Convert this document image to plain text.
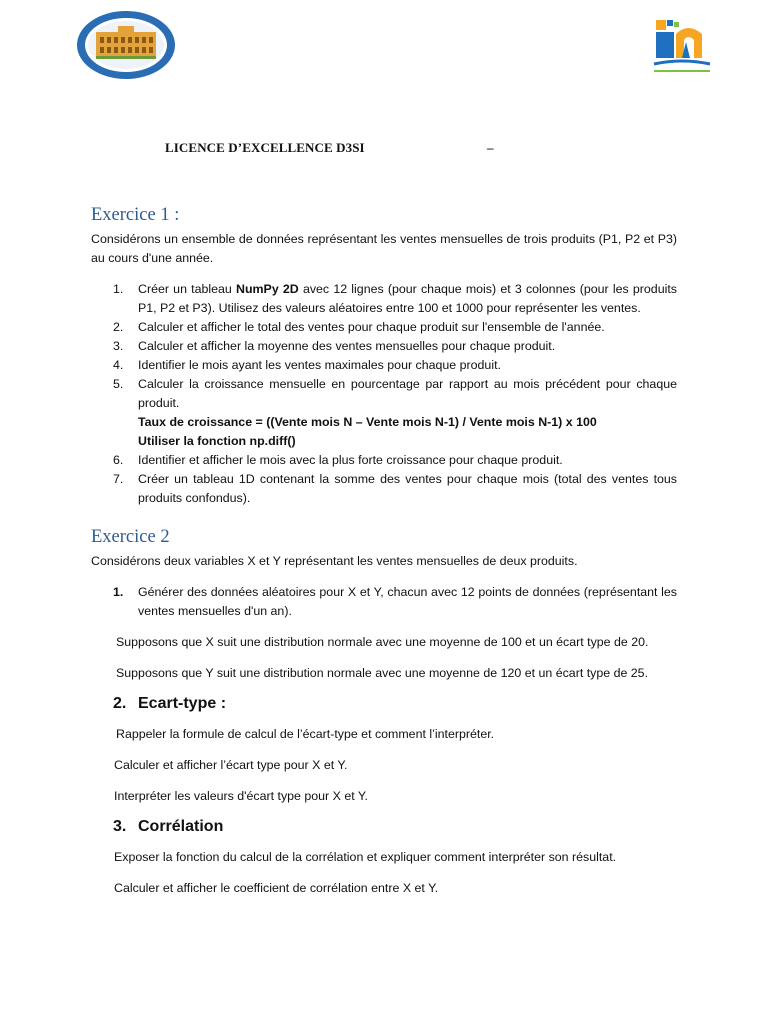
LICENCE D’EXCELLENCE D3SI	–
Exercice 1 :

Considérons un ensemble de données représentant les ventes mensuelles de trois produits (P1, P2 et P3) au cours d'une année.

1. Créer un tableau NumPy 2D avec 12 lignes (pour chaque mois) et 3 colonnes (pour les produits P1, P2 et P3). Utilisez des valeurs aléatoires entre 100 et 1000 pour représenter les ventes.
2. Calculer et afficher le total des ventes pour chaque produit sur l'ensemble de l'année.
3. Calculer et afficher la moyenne des ventes mensuelles pour chaque produit.
4. Identifier le mois ayant les ventes maximales pour chaque produit.
5. Calculer la croissance mensuelle en pourcentage par rapport au mois précédent pour chaque produit.
Taux de croissance = ((Vente mois N – Vente mois N-1) / Vente mois N-1) x 100
Utiliser la fonction np.diff()
6. Identifier et afficher le mois avec la plus forte croissance pour chaque produit.
7. Créer un tableau 1D contenant la somme des ventes pour chaque mois (total des ventes tous produits confondus).
Exercice 2

Considérons deux variables X et Y représentant les ventes mensuelles de deux produits.

1. Générer des données aléatoires pour X et Y, chacun avec 12 points de données (représentant les ventes mensuelles d'un an).

Supposons que X suit une distribution normale avec une moyenne de 100 et un écart type de 20.

Supposons que Y suit une distribution normale avec une moyenne de 120 et un écart type de 25.

2. Ecart-type :

Rappeler la formule de calcul de l’écart-type et comment l’interpréter.

Calculer et afficher l’écart type pour X et Y.

Interpréter les valeurs d'écart type pour X et Y.

3. Corrélation

Exposer la fonction du calcul de la corrélation et expliquer comment interpréter son résultat.

Calculer et afficher le coefficient de corrélation entre X et Y.
